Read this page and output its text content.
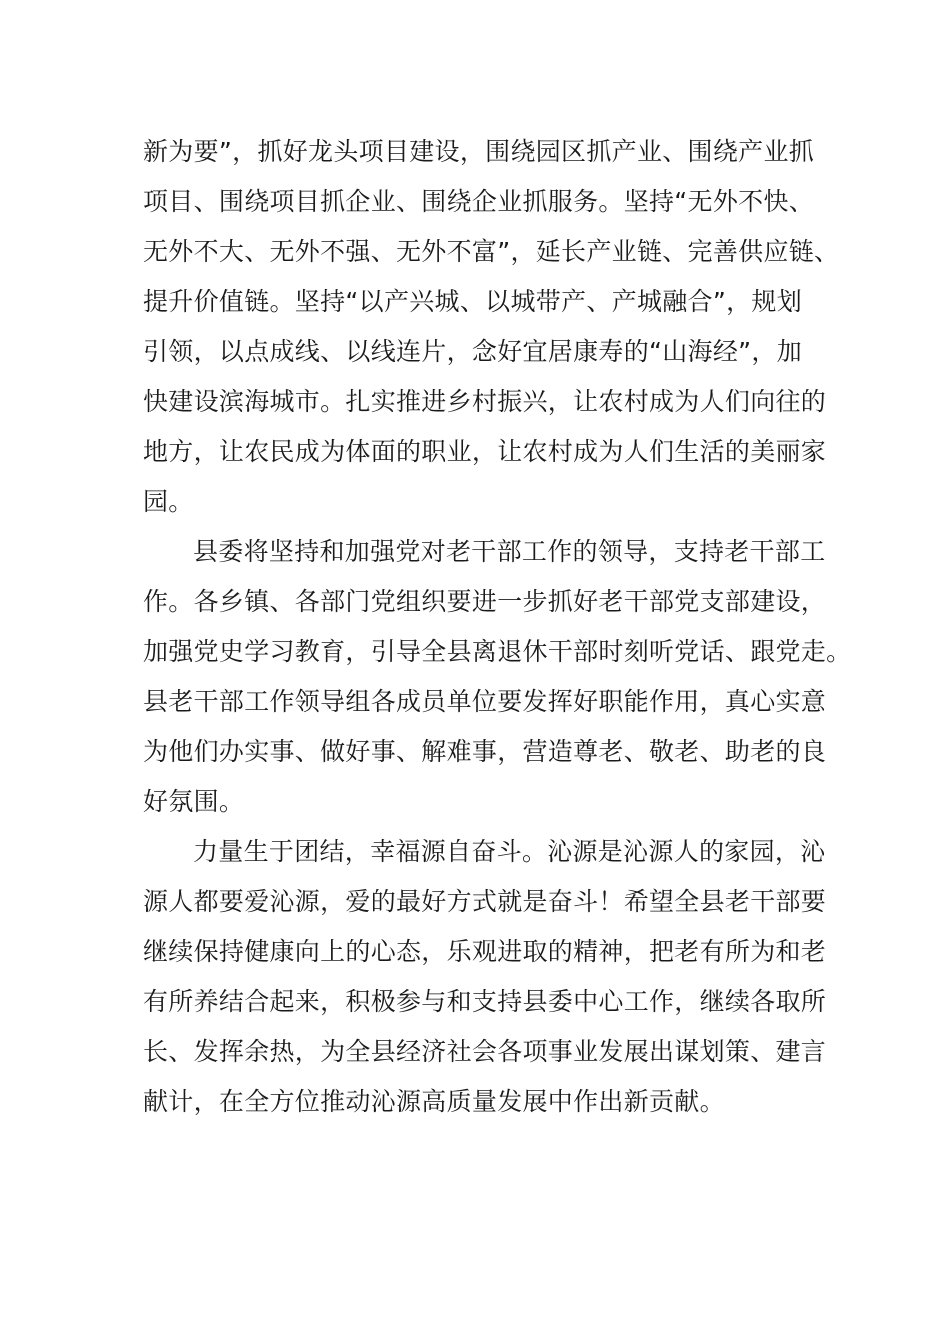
新为要”，抓好龙头项目建设，围绕园区抓产业、围绕产业抓
项目、围绕项目抓企业、围绕企业抓服务。坚持“无外不快、
无外不大、无外不强、无外不富”，延长产业链、完善供应链、
提升价值链。坚持“以产兴城、以城带产、产城融合”，规划
引领，以点成线、以线连片，念好宜居康寿的“山海经”，加
快建设滨海城市。扎实推进乡村振兴，让农村成为人们向往的
地方，让农民成为体面的职业，让农村成为人们生活的美丽家
园。
县委将坚持和加强党对老干部工作的领导，支持老干部工
作。各乡镇、各部门党组织要进一步抓好老干部党支部建设，
加强党史学习教育，引导全县离退休干部时刻听党话、跟党走。
县老干部工作领导组各成员单位要发挥好职能作用，真心实意
为他们办实事、做好事、解难事，营造尊老、敬老、助老的良
好氛围。
力量生于团结，幸福源自奋斗。沁源是沁源人的家园，沁
源人都要爱沁源，爱的最好方式就是奋斗！希望全县老干部要
继续保持健康向上的心态，乐观进取的精神，把老有所为和老
有所养结合起来，积极参与和支持县委中心工作，继续各取所
长、发挥余热，为全县经济社会各项事业发展出谋划策、建言
献计，在全方位推动沁源高质量发展中作出新贡献。
